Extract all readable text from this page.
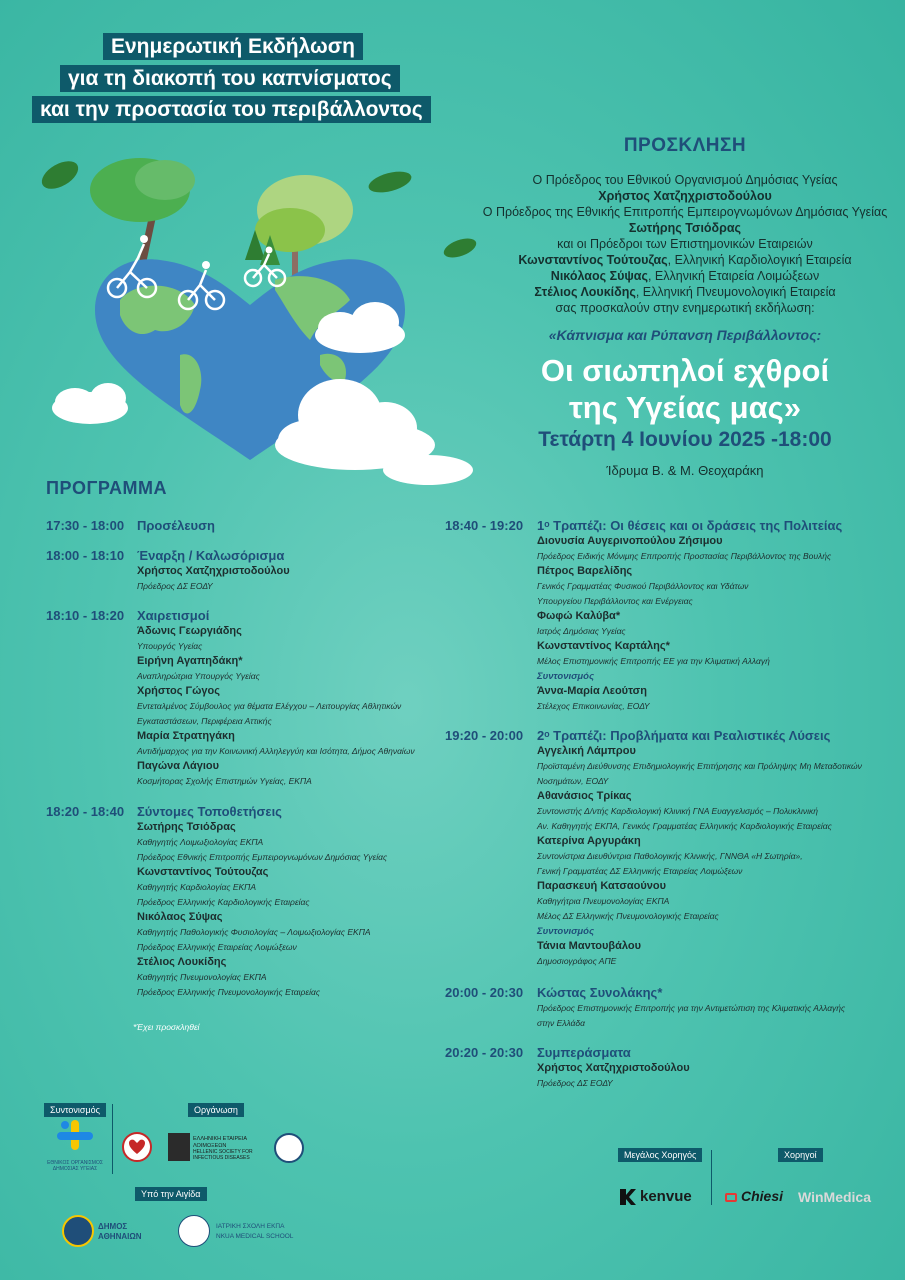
Ενημερωτική Εκδήλωση
για τη διακοπή του καπνίσματος
και την προστασία του περιβάλλοντος
ΠΡΟΣΚΛΗΣΗ
Ο Πρόεδρος του Εθνικού Οργανισμού Δημόσιας Υγείας
Χρήστος Χατζηχριστοδούλου
Ο Πρόεδρος της Εθνικής Επιτροπής Εμπειρογνωμόνων Δημόσιας Υγείας
Σωτήρης Τσιόδρας
και οι Πρόεδροι των Επιστημονικών Εταιρειών
Κωνσταντίνος Τούτουζας, Ελληνική Καρδιολογική Εταιρεία
Νικόλαος Σύψας, Ελληνική Εταιρεία Λοιμώξεων
Στέλιος Λουκίδης, Ελληνική Πνευμονολογική Εταιρεία
σας προσκαλούν στην ενημερωτική εκδήλωση:
«Κάπνισμα και Ρύπανση Περιβάλλοντος:
Οι σιωπηλοί εχθροί
της Υγείας μας»
Τετάρτη 4 Ιουνίου 2025 -18:00
Ίδρυμα Β. & Μ. Θεοχαράκη
ΠΡΟΓΡΑΜΜΑ
17:30 - 18:00 Προσέλευση
18:00 - 18:10 Έναρξη / Καλωσόρισμα
Χρήστος Χατζηχριστοδούλου
Πρόεδρος ΔΣ ΕΟΔΥ
18:10 - 18:20 Χαιρετισμοί
Άδωνις Γεωργιάδης
Υπουργός Υγείας
Ειρήνη Αγαπηδάκη*
Αναπληρώτρια Υπουργός Υγείας
Χρήστος Γώγος
Εντεταλμένος Σύμβουλος για θέματα Ελέγχου – Λειτουργίας Αθλητικών
Εγκαταστάσεων, Περιφέρεια Αττικής
Μαρία Στρατηγάκη
Αντιδήμαρχος για την Κοινωνική Αλληλεγγύη και Ισότητα, Δήμος Αθηναίων
Παγώνα Λάγιου
Κοσμήτορας Σχολής Επιστημών Υγείας, ΕΚΠΑ
18:20 - 18:40 Σύντομες Τοποθετήσεις
Σωτήρης Τσιόδρας
Καθηγητής Λοιμωξιολογίας ΕΚΠΑ
Πρόεδρος Εθνικής Επιτροπής Εμπειρογνωμόνων Δημόσιας Υγείας
Κωνσταντίνος Τούτουζας
Καθηγητής Καρδιολογίας ΕΚΠΑ
Πρόεδρος Ελληνικής Καρδιολογικής Εταιρείας
Νικόλαος Σύψας
Καθηγητής Παθολογικής Φυσιολογίας – Λοιμωξιολογίας ΕΚΠΑ
Πρόεδρος Ελληνικής Εταιρείας Λοιμώξεων
Στέλιος Λουκίδης
Καθηγητής Πνευμονολογίας ΕΚΠΑ
Πρόεδρος Ελληνικής Πνευμονολογικής Εταιρείας
*Έχει προσκληθεί
18:40 - 19:20 1ᵒ Τραπέζι: Οι θέσεις και οι δράσεις της Πολιτείας
Διονυσία Αυγερινοπούλου Ζήσιμου
Πρόεδρος Ειδικής Μόνιμης Επιτροπής Προστασίας Περιβάλλοντος της Βουλής
Πέτρος Βαρελίδης
Γενικός Γραμματέας Φυσικού Περιβάλλοντος και Υδάτων
Υπουργείου Περιβάλλοντος και Ενέργειας
Φωφώ Καλύβα*
Ιατρός Δημόσιας Υγείας
Κωνσταντίνος Καρτάλης*
Μέλος Επιστημονικής Επιτροπής ΕΕ για την Κλιματική Αλλαγή
Συντονισμός
Άννα-Μαρία Λεούτση
Στέλεχος Επικοινωνίας, ΕΟΔΥ
19:20 - 20:00 2ᵒ Τραπέζι: Προβλήματα και Ρεαλιστικές Λύσεις
Αγγελική Λάμπρου
Προϊσταμένη Διεύθυνσης Επιδημιολογικής Επιτήρησης και Πρόληψης Μη Μεταδοτικών
Νοσημάτων, ΕΟΔΥ
Αθανάσιος Τρίκας
Συντονιστής Δ/ντής Καρδιολογική Κλινική ΓΝΑ Ευαγγελισμός – Πολυκλινική
Αν. Καθηγητής ΕΚΠΑ, Γενικός Γραμματέας Ελληνικής Καρδιολογικής Εταιρείας
Κατερίνα Αργυράκη
Συντονίστρια Διευθύντρια Παθολογικής Κλινικής, ΓΝΝΘΑ «Η Σωτηρία»,
Γενική Γραμματέας ΔΣ Ελληνικής Εταιρείας Λοιμώξεων
Παρασκευή Κατσαούνου
Καθηγήτρια Πνευμονολογίας ΕΚΠΑ
Μέλος ΔΣ Ελληνικής Πνευμονολογικής Εταιρείας
Συντονισμός
Τάνια Μαντουβάλου
Δημοσιογράφος ΑΠΕ
20:00 - 20:30 Κώστας Συνολάκης*
Πρόεδρος Επιστημονικής Επιτροπής για την Αντιμετώπιση της Κλιματικής Αλλαγής
στην Ελλάδα
20:20 - 20:30 Συμπεράσματα
Χρήστος Χατζηχριστοδούλου
Πρόεδρος ΔΣ ΕΟΔΥ
Συντονισμός	Οργάνωση
ΕΘΝΙΚΟΣ ΟΡΓΑΝΙΣΜΟΣ ΔΗΜΟΣΙΑΣ ΥΓΕΙΑΣ
ΕΛΛΗΝΙΚΗ ΕΤΑΙΡΕΙΑ ΛΟΙΜΩΞΕΩΝ
HELLENIC SOCIETY FOR INFECTIOUS DISEASES
Υπό την Αιγίδα
ΔΗΜΟΣ
ΑΘΗΝΑΙΩΝ
ΙΑΤΡΙΚΗ ΣΧΟΛΗ ΕΚΠΑ
NKUA MEDICAL SCHOOL
Μεγάλος Χορηγός	Χορηγοί
kenvue	Chiesi WinMedica
